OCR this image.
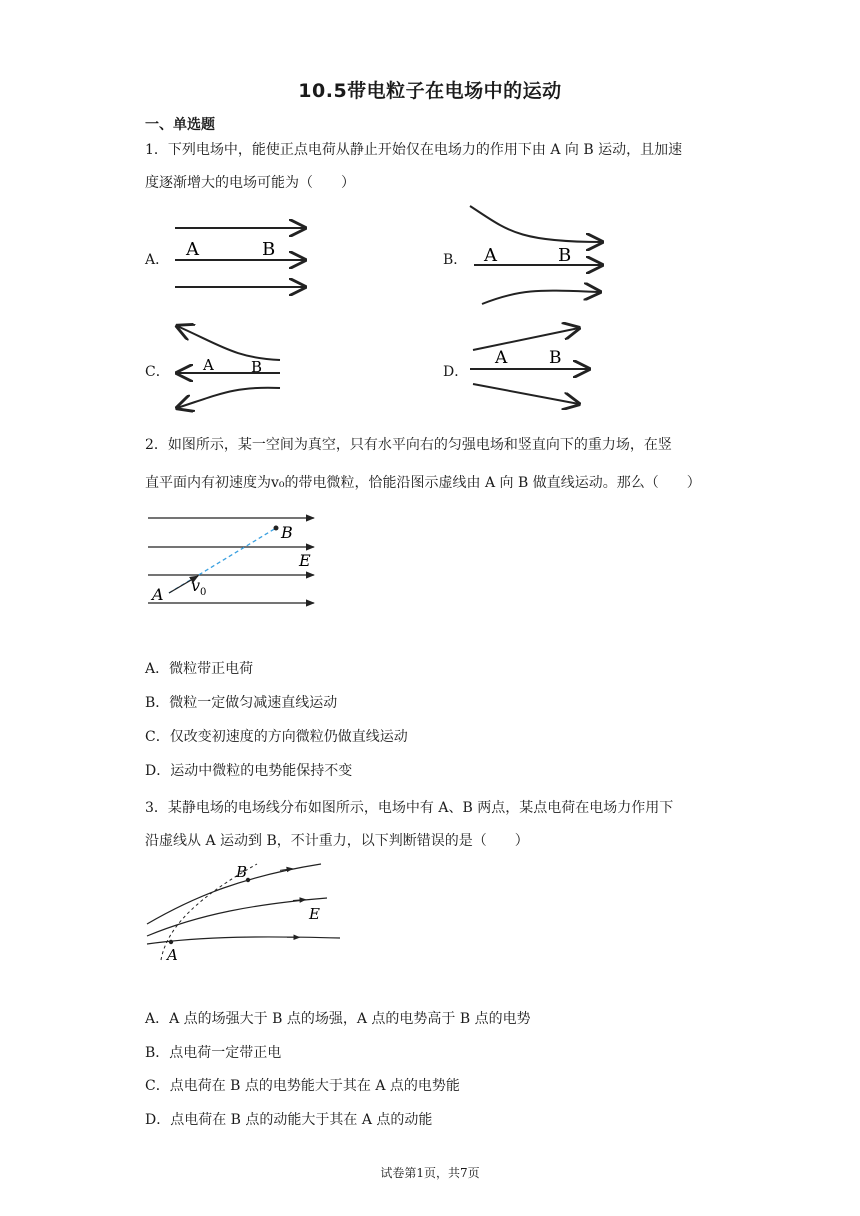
10.5带电粒子在电场中的运动
一、单选题
1．下列电场中，能使正点电荷从静止开始仅在电场力的作用下由 A 向 B 运动，且加速
度逐渐增大的电场可能为（　　）
A．	B．
C．	D．
A	B	A	B
A B	A B
2．如图所示，某一空间为真空，只有水平向右的匀强电场和竖直向下的重力场，在竖
直平面内有初速度为v₀的带电微粒，恰能沿图示虚线由 A 向 B 做直线运动。那么（　　）
A
B
E
v 0
A．微粒带正电荷
B．微粒一定做匀减速直线运动
C．仅改变初速度的方向微粒仍做直线运动
D．运动中微粒的电势能保持不变
3．某静电场的电场线分布如图所示，电场中有 A、B 两点，某点电荷在电场力作用下
沿虚线从 A 运动到 B，不计重力，以下判断错误的是（　　）
A
B
E
A．A 点的场强大于 B 点的场强，A 点的电势高于 B 点的电势
B．点电荷一定带正电
C．点电荷在 B 点的电势能大于其在 A 点的电势能
D．点电荷在 B 点的动能大于其在 A 点的动能
试卷第1页，共7页
